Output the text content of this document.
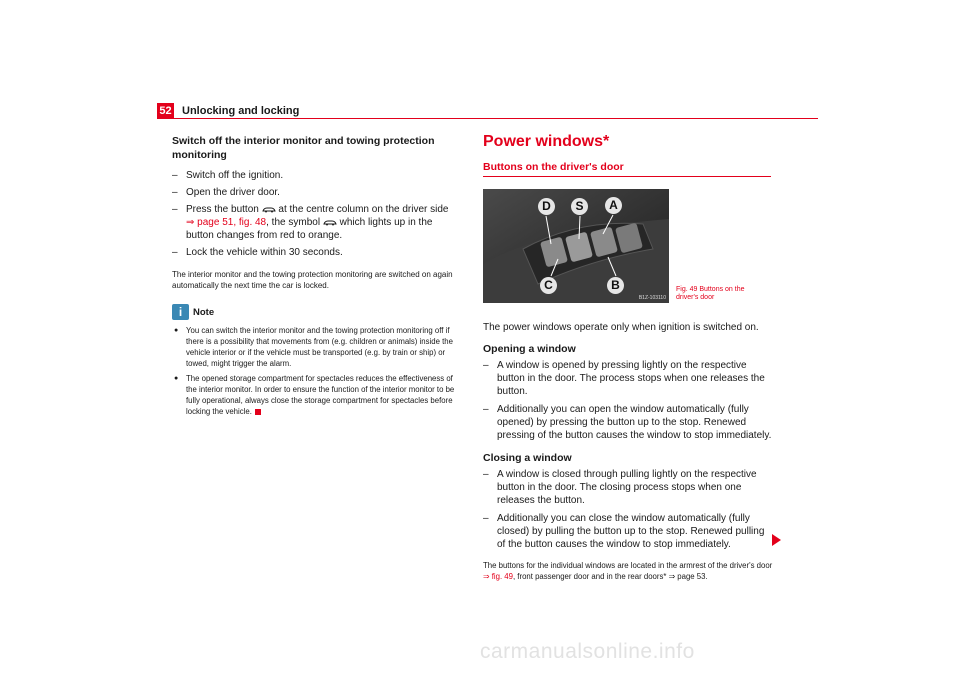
52 Unlocking and locking
Switch off the interior monitor and towing protection monitoring
– Switch off the ignition.
– Open the driver door.
– Press the button at the centre column on the driver side
⇒ page 51, fig. 48, the symbol which lights up in the button changes from red to orange.
– Lock the vehicle within 30 seconds.

The interior monitor and the towing protection monitoring are switched on again automatically the next time the car is locked.

i	Note
● You can switch the interior monitor and the towing protection monitoring off if there is a possibility that movements from (e.g. children or animals) inside the vehicle interior or if the vehicle must be transported (e.g. by train or ship) or towed, might trigger the alarm.
● The opened storage compartment for spectacles reduces the effectiveness of the interior monitor. In order to ensure the function of the interior monitor to be fully operational, always close the storage compartment for spectacles before locking the vehicle.
Power windows*
Buttons on the driver's door
D	S	A
C	B
B1Z-103110
Fig. 49 Buttons on the driver's door

The power windows operate only when ignition is switched on.

Opening a window
– A window is opened by pressing lightly on the respective button in the door. The process stops when one releases the button.
– Additionally you can open the window automatically (fully opened) by pressing the button up to the stop. Renewed pressing of the button causes the window to stop immediately.
Closing a window
– A window is closed through pulling lightly on the respective button in the door. The closing process stops when one releases the button.
– Additionally you can close the window automatically (fully closed) by pulling the button up to the stop. Renewed pulling of the button causes the window to stop immediately.
The buttons for the individual windows are located in the armrest of the driver's door ⇒ fig. 49, front passenger door and in the rear doors* ⇒ page 53.
carmanualsonline.info
